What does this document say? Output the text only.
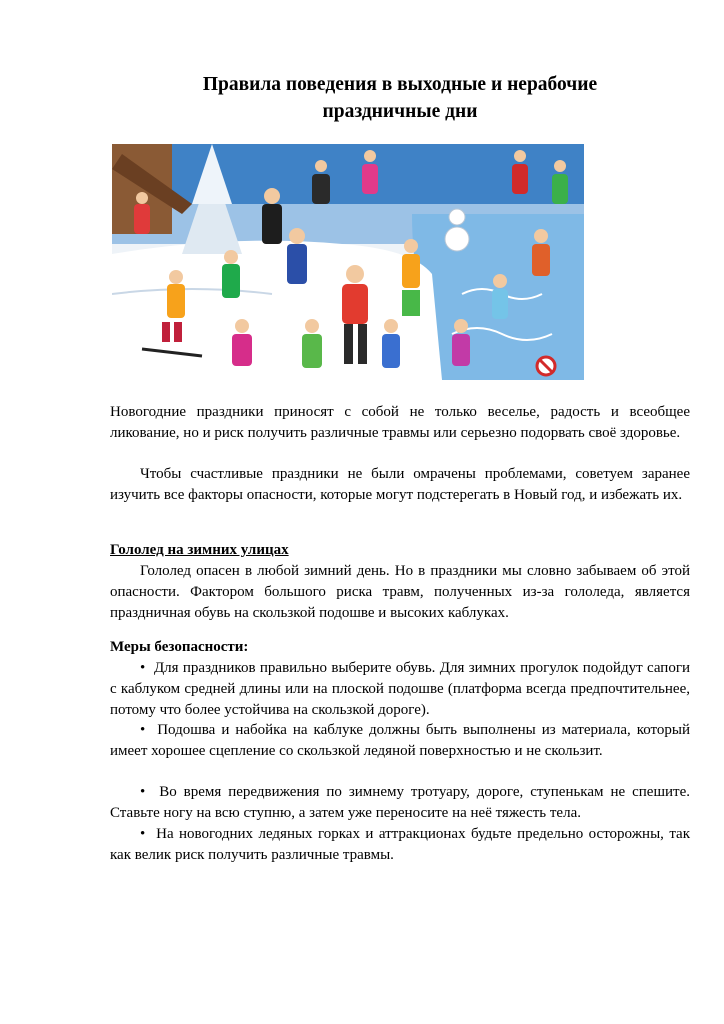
Правила поведения в выходные и нерабочие
праздничные дни

Новогодние праздники приносят с собой не только веселье, радость и всеобщее ликование, но и риск получить различные травмы или серьезно подорвать своё здоровье.

Чтобы счастливые праздники не были омрачены проблемами, советуем заранее изучить все факторы опасности, которые могут подстерегать в Новый год, и избежать их.

Гололед на зимних улицах

Гололед опасен в любой зимний день. Но в праздники мы словно забываем об этой опасности. Фактором большого риска травм, полученных из-за гололеда, является праздничная обувь на скользкой подошве и высоких каблуках.

Меры безопасности:

• Для праздников правильно выберите обувь. Для зимних прогулок подойдут сапоги с каблуком средней длины или на плоской подошве (платформа всегда предпочтительнее, потому что более устойчива на скользкой дороге).

• Подошва и набойка на каблуке должны быть выполнены из материала, который имеет хорошее сцепление со скользкой ледяной поверхностью и не скользит.

• Во время передвижения по зимнему тротуару, дороге, ступенькам не спешите. Ставьте ногу на всю ступню, а затем уже переносите на неё тяжесть тела.

• На новогодних ледяных горках и аттракционах будьте предельно осторожны, так как велик риск получить различные травмы.
